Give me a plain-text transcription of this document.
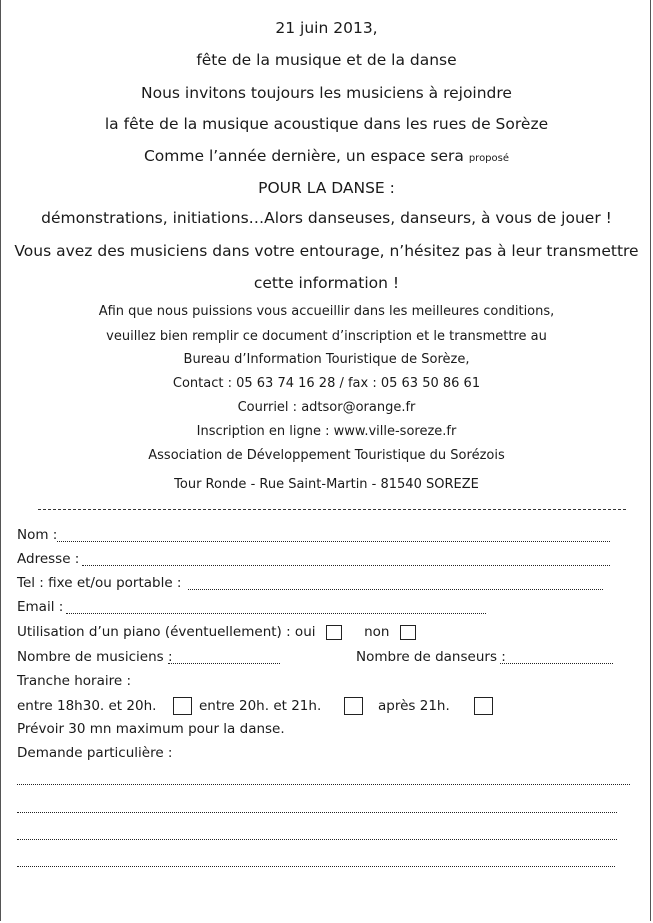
21 juin 2013,
fête de la musique et de la danse
Nous invitons toujours les musiciens à rejoindre
la fête de la musique acoustique dans les rues de Sorèze
Comme l’année dernière, un espace sera proposé
POUR LA DANSE :
démonstrations, initiations…Alors danseuses, danseurs, à vous de jouer !
Vous avez des musiciens dans votre entourage, n’hésitez pas à leur transmettre
cette information !
Afin que nous puissions vous accueillir dans les meilleures conditions,
veuillez bien remplir ce document d’inscription et le transmettre au
Bureau d’Information Touristique de Sorèze,
Contact : 05 63 74 16 28 / fax : 05 63 50 86 61
Courriel : adtsor@orange.fr
Inscription en ligne : www.ville-soreze.fr
Association de Développement Touristique du Sorézois
Tour Ronde - Rue Saint-Martin - 81540 SOREZE
Nom :
Adresse :
Tel : fixe et/ou portable :
Email :
Utilisation d’un piano (éventuellement) : oui	non
Nombre de musiciens :	Nombre de danseurs :
Tranche horaire :
entre 18h30. et 20h.	entre 20h. et 21h.	après 21h.
Prévoir 30 mn maximum pour la danse.
Demande particulière :
